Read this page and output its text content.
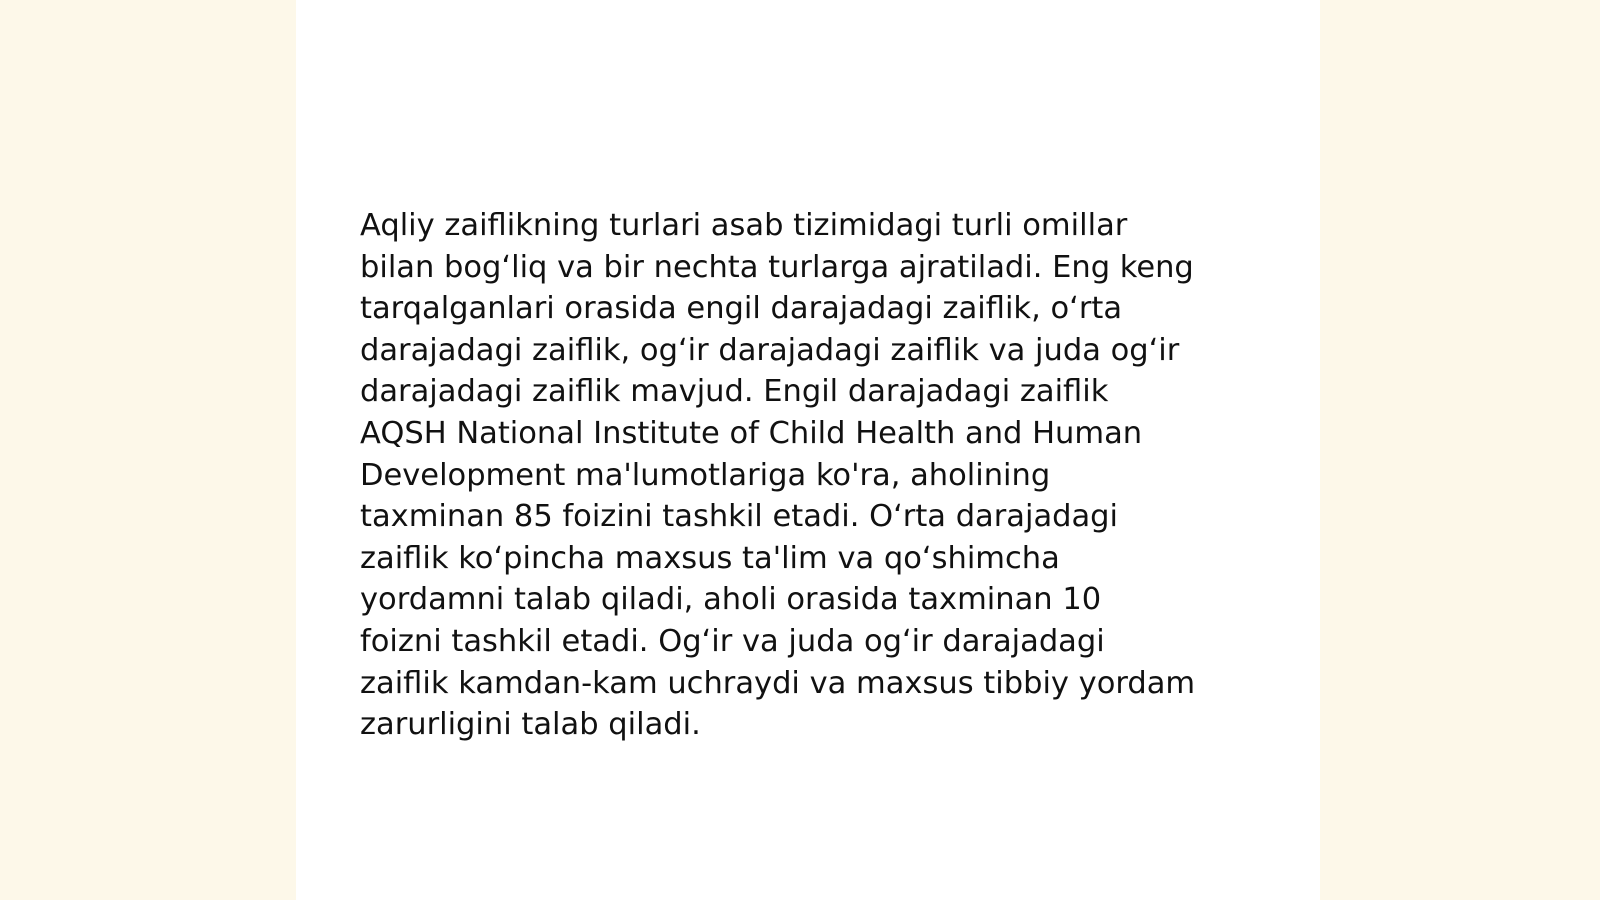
Aqliy zaiflikning turlari asab tizimidagi turli omillar
bilan bogʻliq va bir nechta turlarga ajratiladi. Eng keng
tarqalganlari orasida engil darajadagi zaiflik, oʻrta
darajadagi zaiflik, ogʻir darajadagi zaiflik va juda ogʻir
darajadagi zaiflik mavjud. Engil darajadagi zaiflik
AQSH National Institute of Child Health and Human
Development ma'lumotlariga ko'ra, aholining
taxminan 85 foizini tashkil etadi. Oʻrta darajadagi
zaiflik koʻpincha maxsus ta'lim va qoʻshimcha
yordamni talab qiladi, aholi orasida taxminan 10
foizni tashkil etadi. Ogʻir va juda ogʻir darajadagi
zaiflik kamdan-kam uchraydi va maxsus tibbiy yordam
zarurligini talab qiladi.
